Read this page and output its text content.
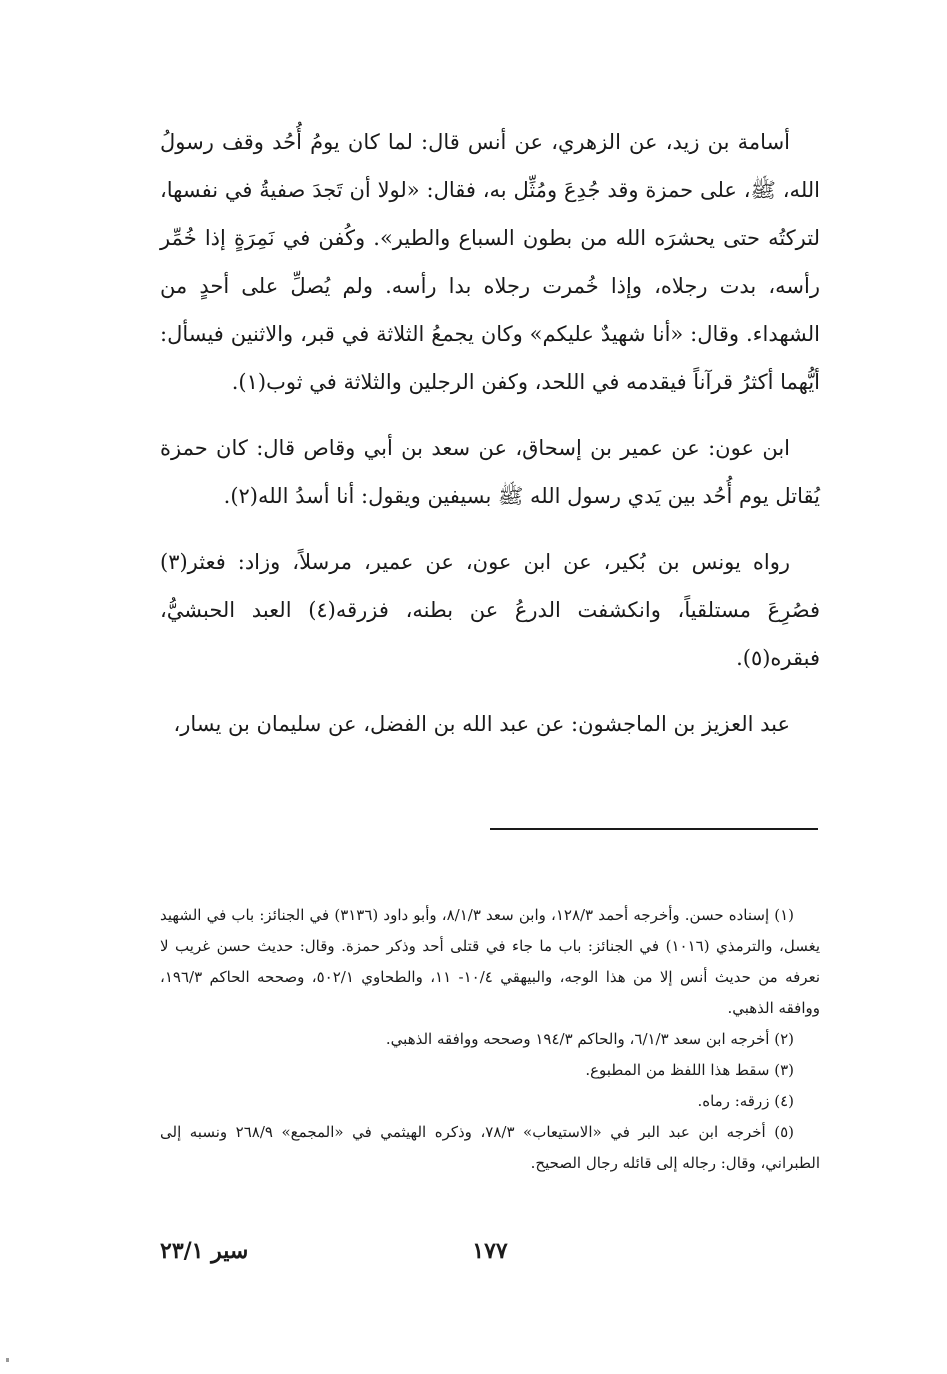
أسامة بن زيد، عن الزهري، عن أنس قال: لما كان يومُ أُحُد وقف رسولُ الله، ﷺ، على حمزة وقد جُدِعَ ومُثِّل به، فقال: «لولا أن تَجدَ صفيةُ في نفسها، لتركتُه حتى يحشرَه الله من بطون السباع والطير». وكُفن في نَمِرَةٍ إذا خُمِّر رأسه، بدت رجلاه، وإذا خُمرت رجلاه بدا رأسه. ولم يُصلِّ على أحدٍ من الشهداء. وقال: «أنا شهيدٌ عليكم» وكان يجمعُ الثلاثة في قبر، والاثنين فيسأل: أيُّهما أكثرُ قرآناً فيقدمه في اللحد، وكفن الرجلين والثلاثة في ثوب(١).

ابن عون: عن عمير بن إسحاق، عن سعد بن أبي وقاص قال: كان حمزة يُقاتل يوم أُحُد بين يَدي رسول الله ﷺ بسيفين ويقول: أنا أسدُ الله(٢).

رواه يونس بن بُكير، عن ابن عون، عن عمير، مرسلاً، وزاد: فعثر(٣) فصُرِعَ مستلقياً، وانكشفت الدرعُ عن بطنه، فزرقه(٤) العبد الحبشيُّ، فبقره(٥).

عبد العزيز بن الماجشون: عن عبد الله بن الفضل، عن سليمان بن يسار،

(١) إسناده حسن. وأخرجه أحمد ١٢٨/٣، وابن سعد ٨/١/٣، وأبو داود (٣١٣٦) في الجنائز: باب في الشهيد يغسل، والترمذي (١٠١٦) في الجنائز: باب ما جاء في قتلى أحد وذكر حمزة. وقال: حديث حسن غريب لا نعرفه من حديث أنس إلا من هذا الوجه، والبيهقي ١٠/٤- ١١، والطحاوي ٥٠٢/١، وصححه الحاكم ١٩٦/٣، ووافقه الذهبي.

(٢) أخرجه ابن سعد ٦/١/٣، والحاكم ١٩٤/٣ وصححه ووافقه الذهبي.

(٣) سقط هذا اللفظ من المطبوع.

(٤) زرقه: رماه.

(٥) أخرجه ابن عبد البر في «الاستيعاب» ٧٨/٣، وذكره الهيثمي في «المجمع» ٢٦٨/٩ ونسبه إلى الطبراني، وقال: رجاله إلى قائله رجال الصحيح.

١٧٧
سير ٢٣/١
